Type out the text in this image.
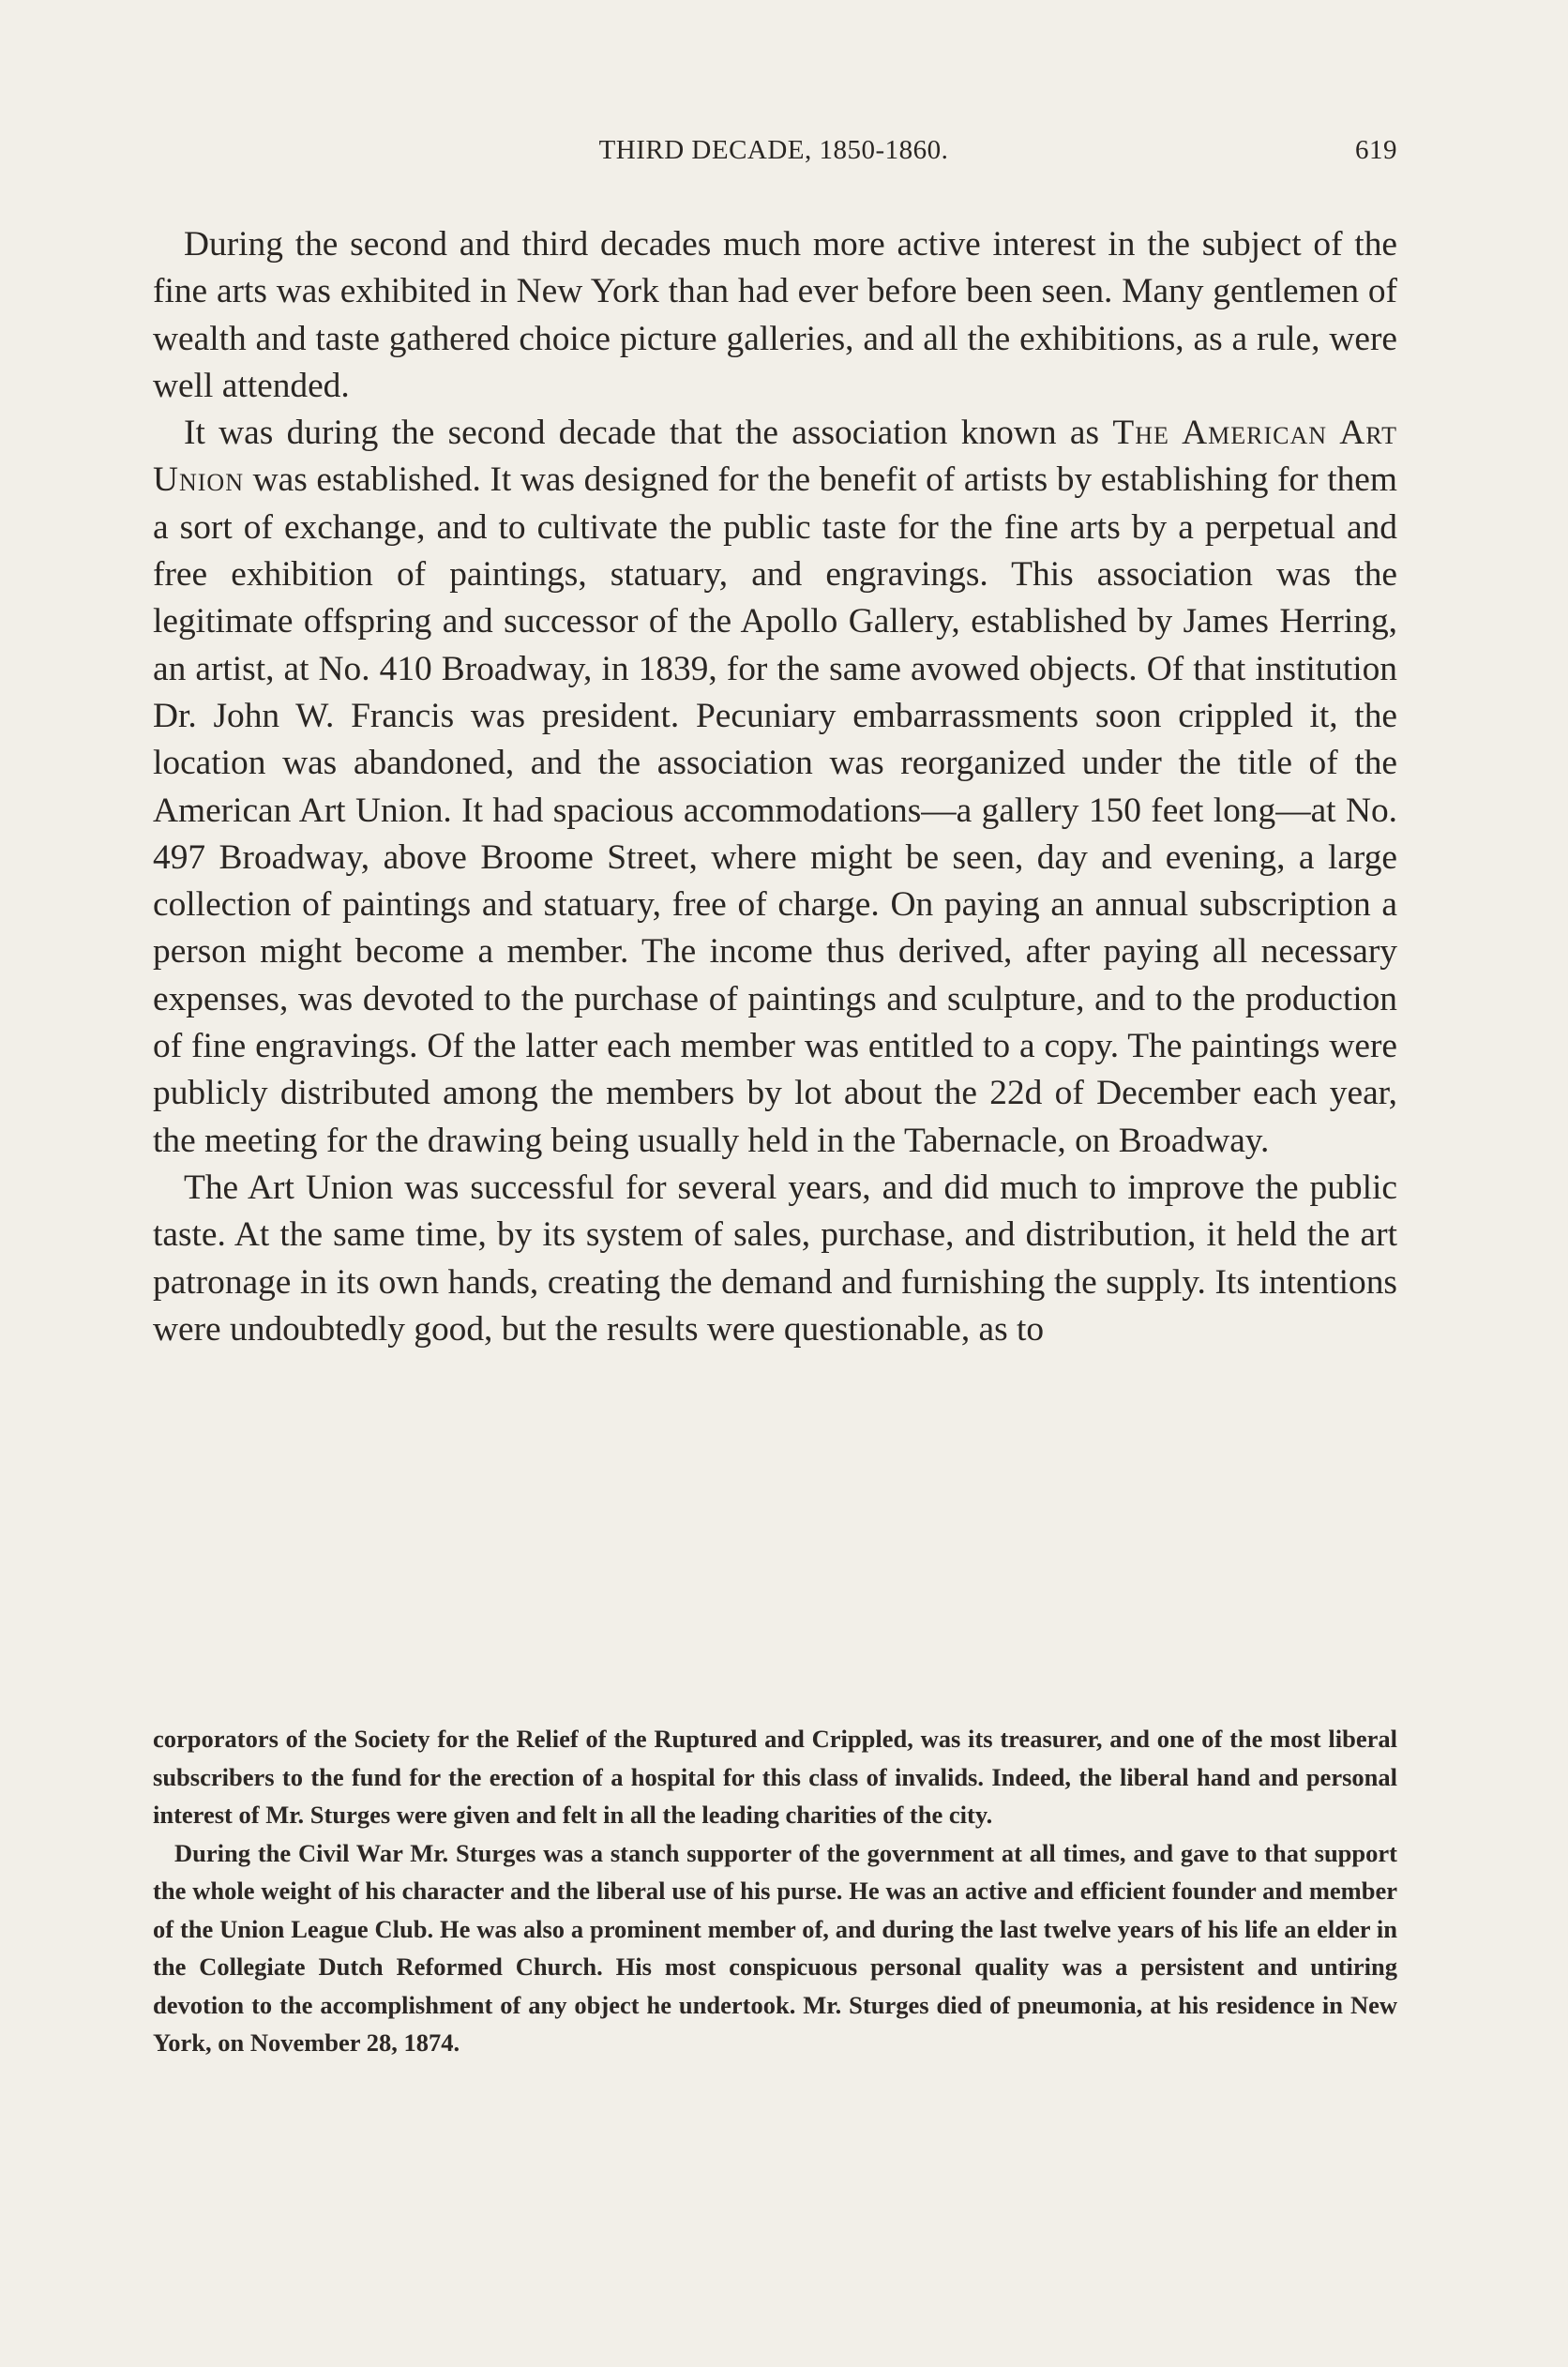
THIRD DECADE, 1850-1860.	619

During the second and third decades much more active interest in the subject of the fine arts was exhibited in New York than had ever before been seen. Many gentlemen of wealth and taste gathered choice picture galleries, and all the exhibitions, as a rule, were well attended.

It was during the second decade that the association known as The American Art Union was established. It was designed for the benefit of artists by establishing for them a sort of exchange, and to cultivate the public taste for the fine arts by a perpetual and free exhibition of paintings, statuary, and engravings. This association was the legitimate offspring and successor of the Apollo Gallery, established by James Herring, an artist, at No. 410 Broadway, in 1839, for the same avowed objects. Of that institution Dr. John W. Francis was president. Pecuniary embarrassments soon crippled it, the location was abandoned, and the association was reorganized under the title of the American Art Union. It had spacious accommodations—a gallery 150 feet long—at No. 497 Broadway, above Broome Street, where might be seen, day and evening, a large collection of paintings and statuary, free of charge. On paying an annual subscription a person might become a member. The income thus derived, after paying all necessary expenses, was devoted to the purchase of paintings and sculpture, and to the production of fine engravings. Of the latter each member was entitled to a copy. The paintings were publicly distributed among the members by lot about the 22d of December each year, the meeting for the drawing being usually held in the Tabernacle, on Broadway.

The Art Union was successful for several years, and did much to improve the public taste. At the same time, by its system of sales, purchase, and distribution, it held the art patronage in its own hands, creating the demand and furnishing the supply. Its intentions were undoubtedly good, but the results were questionable, as to

corporators of the Society for the Relief of the Ruptured and Crippled, was its treasurer, and one of the most liberal subscribers to the fund for the erection of a hospital for this class of invalids. Indeed, the liberal hand and personal interest of Mr. Sturges were given and felt in all the leading charities of the city.

During the Civil War Mr. Sturges was a stanch supporter of the government at all times, and gave to that support the whole weight of his character and the liberal use of his purse. He was an active and efficient founder and member of the Union League Club. He was also a prominent member of, and during the last twelve years of his life an elder in the Collegiate Dutch Reformed Church. His most conspicuous personal quality was a persistent and untiring devotion to the accomplishment of any object he undertook. Mr. Sturges died of pneumonia, at his residence in New York, on November 28, 1874.
